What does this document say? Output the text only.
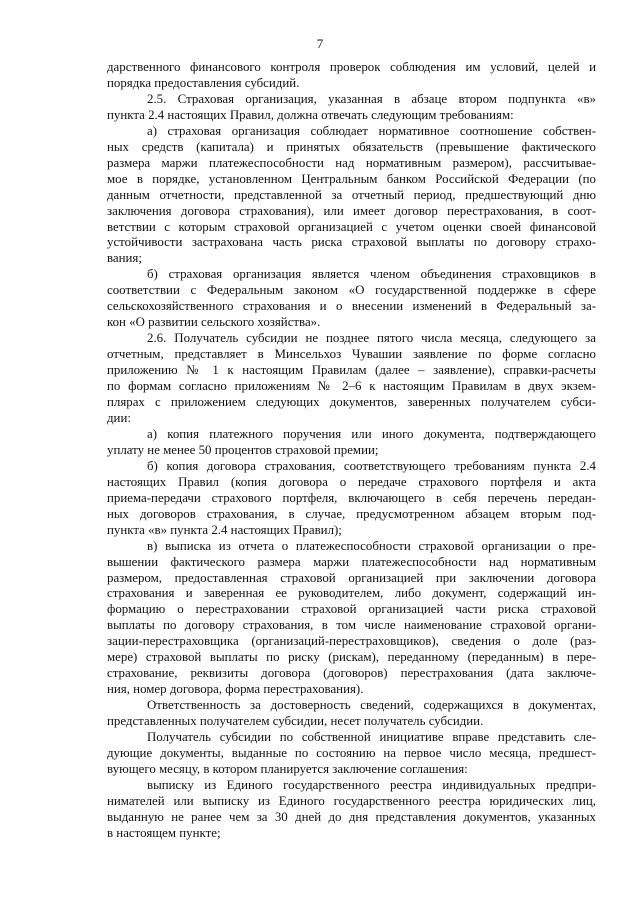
7
дарственного финансового контроля проверок соблюдения им условий, целей и
порядка предоставления субсидий.
2.5. Страховая организация, указанная в абзаце втором подпункта «в»
пункта 2.4 настоящих Правил, должна отвечать следующим требованиям:
а) страховая организация соблюдает нормативное соотношение собствен-
ных средств (капитала) и принятых обязательств (превышение фактического
размера маржи платежеспособности над нормативным размером), рассчитывае-
мое в порядке, установленном Центральным банком Российской Федерации (по
данным отчетности, представленной за отчетный период, предшествующий дню
заключения договора страхования), или имеет договор перестрахования, в соот-
ветствии с которым страховой организацией с учетом оценки своей финансовой
устойчивости застрахована часть риска страховой выплаты по договору страхо-
вания;
б) страховая организация является членом объединения страховщиков в
соответствии с Федеральным законом «О государственной поддержке в сфере
сельскохозяйственного страхования и о внесении изменений в Федеральный за-
кон «О развитии сельского хозяйства».
2.6. Получатель субсидии не позднее пятого числа месяца, следующего за
отчетным, представляет в Минсельхоз Чувашии заявление по форме согласно
приложению № 1 к настоящим Правилам (далее – заявление), справки-расчеты
по формам согласно приложениям № 2–6 к настоящим Правилам в двух экзем-
плярах с приложением следующих документов, заверенных получателем субси-
дии:
а) копия платежного поручения или иного документа, подтверждающего
уплату не менее 50 процентов страховой премии;
б) копия договора страхования, соответствующего требованиям пункта 2.4
настоящих Правил (копия договора о передаче страхового портфеля и акта
приема-передачи страхового портфеля, включающего в себя перечень передан-
ных договоров страхования, в случае, предусмотренном абзацем вторым под-
пункта «в» пункта 2.4 настоящих Правил);
в) выписка из отчета о платежеспособности страховой организации о пре-
вышении фактического размера маржи платежеспособности над нормативным
размером, предоставленная страховой организацией при заключении договора
страхования и заверенная ее руководителем, либо документ, содержащий ин-
формацию о перестраховании страховой организацией части риска страховой
выплаты по договору страхования, в том числе наименование страховой органи-
зации-перестраховщика (организаций-перестраховщиков), сведения о доле (раз-
мере) страховой выплаты по риску (рискам), переданному (переданным) в пере-
страхование, реквизиты договора (договоров) перестрахования (дата заключе-
ния, номер договора, форма перестрахования).
Ответственность за достоверность сведений, содержащихся в документах,
представленных получателем субсидии, несет получатель субсидии.
Получатель субсидии по собственной инициативе вправе представить сле-
дующие документы, выданные по состоянию на первое число месяца, предшест-
вующего месяцу, в котором планируется заключение соглашения:
выписку из Единого государственного реестра индивидуальных предпри-
нимателей или выписку из Единого государственного реестра юридических лиц,
выданную не ранее чем за 30 дней до дня представления документов, указанных
в настоящем пункте;
